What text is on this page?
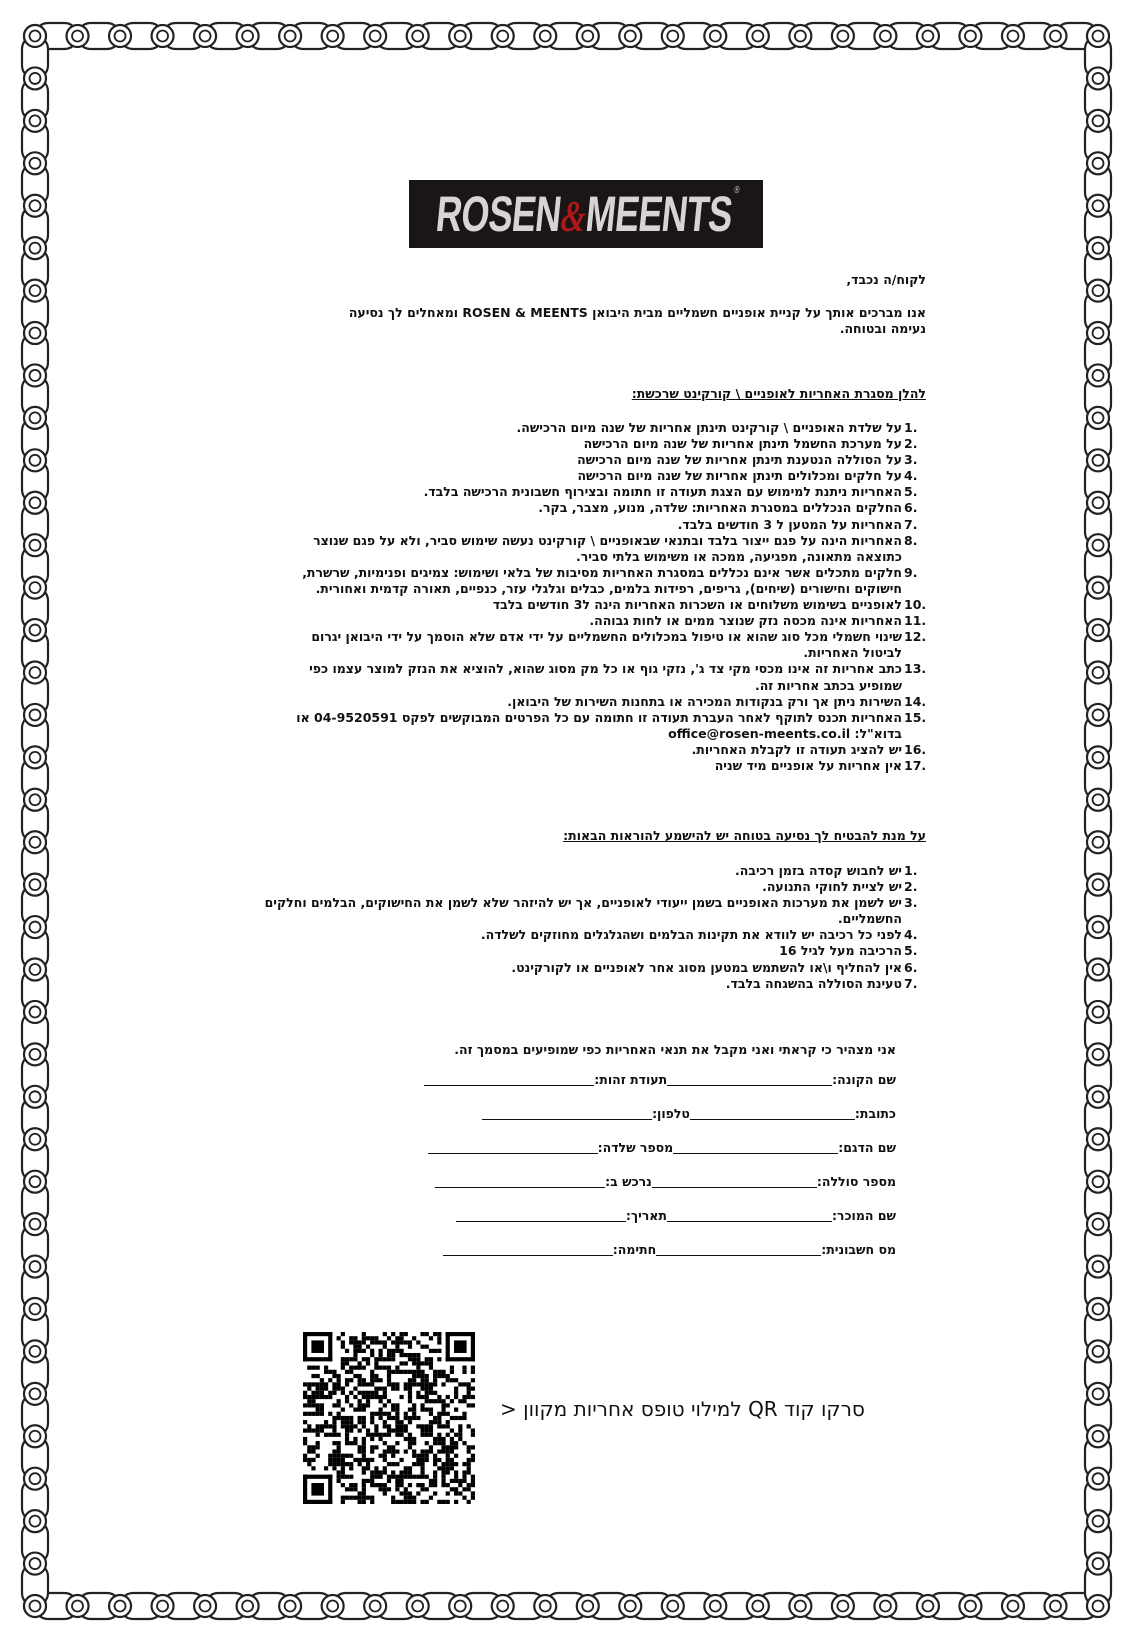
ROSEN&MEENTS®
לקוח/ה נכבד,
אנו מברכים אותך על קניית אופניים חשמליים מבית היבואן ROSEN & MEENTS ומאחלים לך נסיעה נעימה ובטוחה.
להלן מסגרת האחריות לאופניים \ קורקינט שרכשת:
1.
על שלדת האופניים \ קורקינט תינתן אחריות של שנה מיום הרכישה.
2.
על מערכת החשמל תינתן אחריות של שנה מיום הרכישה
3.
על הסוללה הנטענת תינתן אחריות של שנה מיום הרכישה
4.
על חלקים ומכלולים תינתן אחריות של שנה מיום הרכישה
5.
האחריות ניתנת למימוש עם הצגת תעודה זו חתומה ובצירוף חשבונית הרכישה בלבד.
6.
החלקים הנכללים במסגרת האחריות: שלדה, מנוע, מצבר, בקר.
7.
האחריות על המטען ל 3 חודשים בלבד.
8.
האחריות הינה על פגם ייצור בלבד ובתנאי שבאופניים \ קורקינט נעשה שימוש סביר, ולא על פגם שנוצר כתוצאה מתאונה, מפגיעה, ממכה או משימוש בלתי סביר.
9.
חלקים מתכלים אשר אינם נכללים במסגרת האחריות מסיבות של בלאי ושימוש: צמיגים ופנימיות, שרשרת, חישוקים וחישורים (שיחים), גריפים, רפידות בלמים, כבלים וגלגלי עזר, כנפיים, תאורה קדמית ואחורית.
10.
לאופניים בשימוש משלוחים או השכרות האחריות הינה ל3 חודשים בלבד
11.
האחריות אינה מכסה נזק שנוצר ממים או לחות גבוהה.
12.
שינוי חשמלי מכל סוג שהוא או טיפול במכלולים החשמליים על ידי אדם שלא הוסמך על ידי היבואן יגרום לביטול האחריות.
13.
כתב אחריות זה אינו מכסי מקי צד ג', נזקי גוף או כל מק מסוג שהוא, להוציא את הנזק למוצר עצמו כפי שמופיע בכתב אחריות זה.
14.
השירות ניתן אך ורק בנקודות המכירה או בתחנות השירות של היבואן.
15.
האחריות תכנס לתוקף לאחר העברת תעודה זו חתומה עם כל הפרטים המבוקשים לפקס 04-9520591 או בדוא"ל: office@rosen-meents.co.il
16.
יש להציג תעודה זו לקבלת האחריות.
17.
אין אחריות על אופניים מיד שניה
על מנת להבטיח לך נסיעה בטוחה יש להישמע להוראות הבאות:
1.
יש לחבוש קסדה בזמן רכיבה.
2.
יש לציית לחוקי התנועה.
3.
יש לשמן את מערכות האופניים בשמן ייעודי לאופניים, אך יש להיזהר שלא לשמן את החישוקים, הבלמים וחלקים החשמליים.
4.
לפני כל רכיבה יש לוודא את תקינות הבלמים ושהגלגלים מחוזקים לשלדה.
5.
הרכיבה מעל לגיל 16
6.
אין להחליף ו\או להשתמש במטען מסוג אחר לאופניים או לקורקינט.
7.
טעינת הסוללה בהשגחה בלבד.
אני מצהיר כי קראתי ואני מקבל את תנאי האחריות כפי שמופיעים במסמך זה.
שם הקונה:
תעודת זהות:
כתובת:
טלפון:
שם הדגם:
מספר שלדה:
מספר סוללה:
נרכש ב:
שם המוכר:
תאריך:
מס חשבונית:
חתימה:
סרקו קוד QR למילוי טופס אחריות מקוון <
